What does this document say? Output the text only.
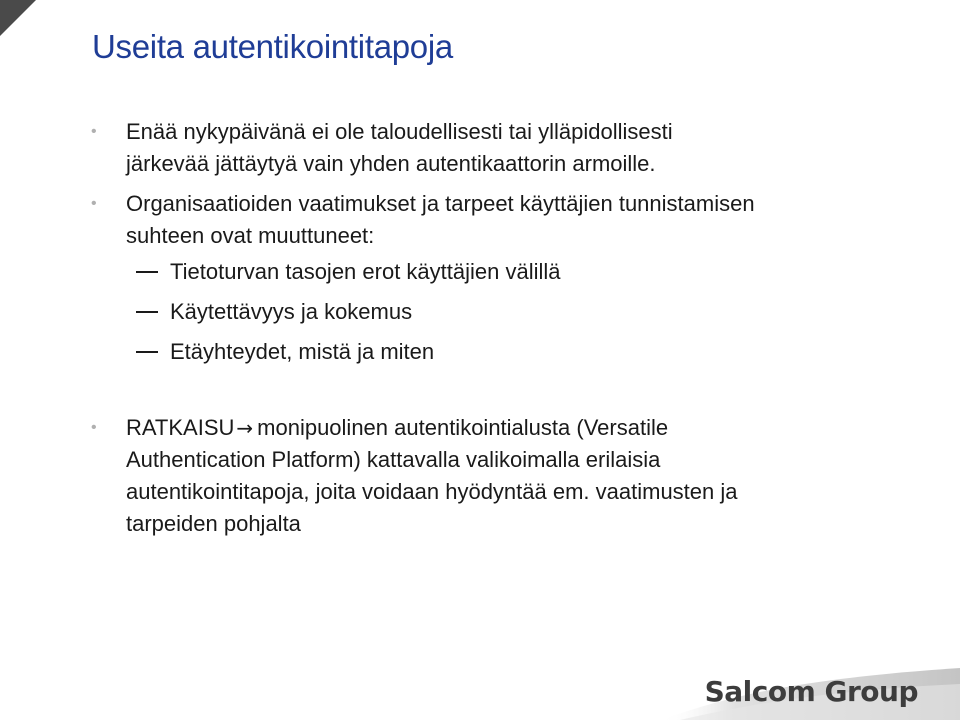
Useita autentikointitapoja
• Enää nykypäivänä ei ole taloudellisesti tai ylläpidollisesti
järkevää jättäytyä vain yhden autentikaattorin armoille.
• Organisaatioiden vaatimukset ja tarpeet käyttäjien tunnistamisen
suhteen ovat muuttuneet:
Tietoturvan tasojen erot käyttäjien välillä
Käytettävyys ja kokemus
Etäyhteydet, mistä ja miten
• RATKAISU → monipuolinen autentikointialusta (Versatile
Authentication Platform) kattavalla valikoimalla erilaisia
autentikointitapoja, joita voidaan hyödyntää em. vaatimusten ja
tarpeiden pohjalta
Salcom Group
